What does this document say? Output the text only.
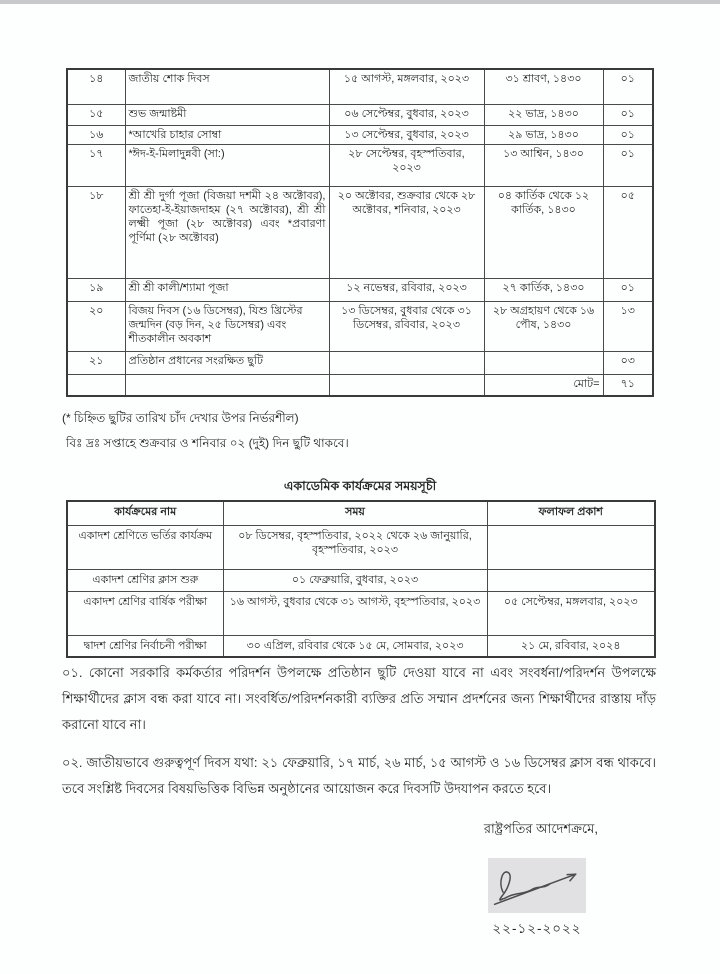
১৪	জাতীয় শোক দিবস	১৫ আগস্ট, মঙ্গলবার, ২০২৩	৩১ শ্রাবণ, ১৪৩০	০১
১৫	শুভ জন্মাষ্টমী	০৬ সেপ্টেম্বর, বুধবার, ২০২৩	২২ ভাদ্র, ১৪৩০	০১
১৬	*আখেরি চাহার সোম্বা	১৩ সেপ্টেম্বর, বুধবার, ২০২৩	২৯ ভাদ্র, ১৪৩০	০১
১৭	*ঈদ-ই-মিলাদুন্নবী (সা:)	২৮ সেপ্টেম্বর, বৃহস্পতিবার, ২০২৩	১৩ আশ্বিন, ১৪৩০	০১
১৮	শ্রী শ্রী দুর্গা পূজা (বিজয়া দশমী ২৪ অক্টোবর), ফাতেহা-ই-ইয়াজদাহম (২৭ অক্টোবর), শ্রী শ্রী লক্ষ্মী পূজা (২৮ অক্টোবর) এবং *প্রবারণা পূর্ণিমা (২৮ অক্টোবর)	২০ অক্টোবর, শুক্রবার থেকে ২৮ অক্টোবর, শনিবার, ২০২৩	০৪ কার্তিক থেকে ১২ কার্তিক, ১৪৩০	০৫
১৯	শ্রী শ্রী কালী/শ্যামা পূজা	১২ নভেম্বর, রবিবার, ২০২৩	২৭ কার্তিক, ১৪৩০	০১
২০	বিজয় দিবস (১৬ ডিসেম্বর), যিশু খ্রিস্টের জন্মদিন (বড় দিন, ২৫ ডিসেম্বর) এবং শীতকালীন অবকাশ	১৩ ডিসেম্বর, বুধবার থেকে ৩১ ডিসেম্বর, রবিবার, ২০২৩	২৮ অগ্রহায়ণ থেকে ১৬ পৌষ, ১৪৩০	১৩
২১	প্রতিষ্ঠান প্রধানের সংরক্ষিত ছুটি			০৩
			মোট=	৭১
(* চিহ্নিত ছুটির তারিখ চাঁদ দেখার উপর নির্ভরশীল)
বিঃ দ্রঃ সপ্তাহে শুক্রবার ও শনিবার ০২ (দুই) দিন ছুটি থাকবে।
একাডেমিক কার্যক্রমের সময়সূচী
কার্যক্রমের নাম	সময়	ফলাফল প্রকাশ
একাদশ শ্রেণিতে ভর্তির কার্যক্রম	০৮ ডিসেম্বর, বৃহস্পতিবার, ২০২২ থেকে ২৬ জানুয়ারি, বৃহস্পতিবার, ২০২৩	
একাদশ শ্রেণির ক্লাস শুরু	০১ ফেব্রুয়ারি, বুধবার, ২০২৩	
একাদশ শ্রেণির বার্ষিক পরীক্ষা	১৬ আগস্ট, বুধবার থেকে ৩১ আগস্ট, বৃহস্পতিবার, ২০২৩	০৫ সেপ্টেম্বর, মঙ্গলবার, ২০২৩
দ্বাদশ শ্রেণির নির্বাচনী পরীক্ষা	৩০ এপ্রিল, রবিবার থেকে ১৫ মে, সোমবার, ২০২৩	২১ মে, রবিবার, ২০২৪
০১. কোনো সরকারি কর্মকর্তার পরিদর্শন উপলক্ষে প্রতিষ্ঠান ছুটি দেওয়া যাবে না এবং সংবর্ধনা/পরিদর্শন উপলক্ষে শিক্ষার্থীদের ক্লাস বন্ধ করা যাবে না। সংবর্ধিত/পরিদর্শনকারী ব্যক্তির প্রতি সম্মান প্রদর্শনের জন্য শিক্ষার্থীদের রাস্তায় দাঁড় করানো যাবে না।
০২. জাতীয়ভাবে গুরুত্বপূর্ণ দিবস যথা: ২১ ফেব্রুয়ারি, ১৭ মার্চ, ২৬ মার্চ, ১৫ আগস্ট ও ১৬ ডিসেম্বর ক্লাস বন্ধ থাকবে। তবে সংশ্লিষ্ট দিবসের বিষয়ভিত্তিক বিভিন্ন অনুষ্ঠানের আয়োজন করে দিবসটি উদযাপন করতে হবে।
রাষ্ট্রপতির আদেশক্রমে,
২২-১২-২০২২
